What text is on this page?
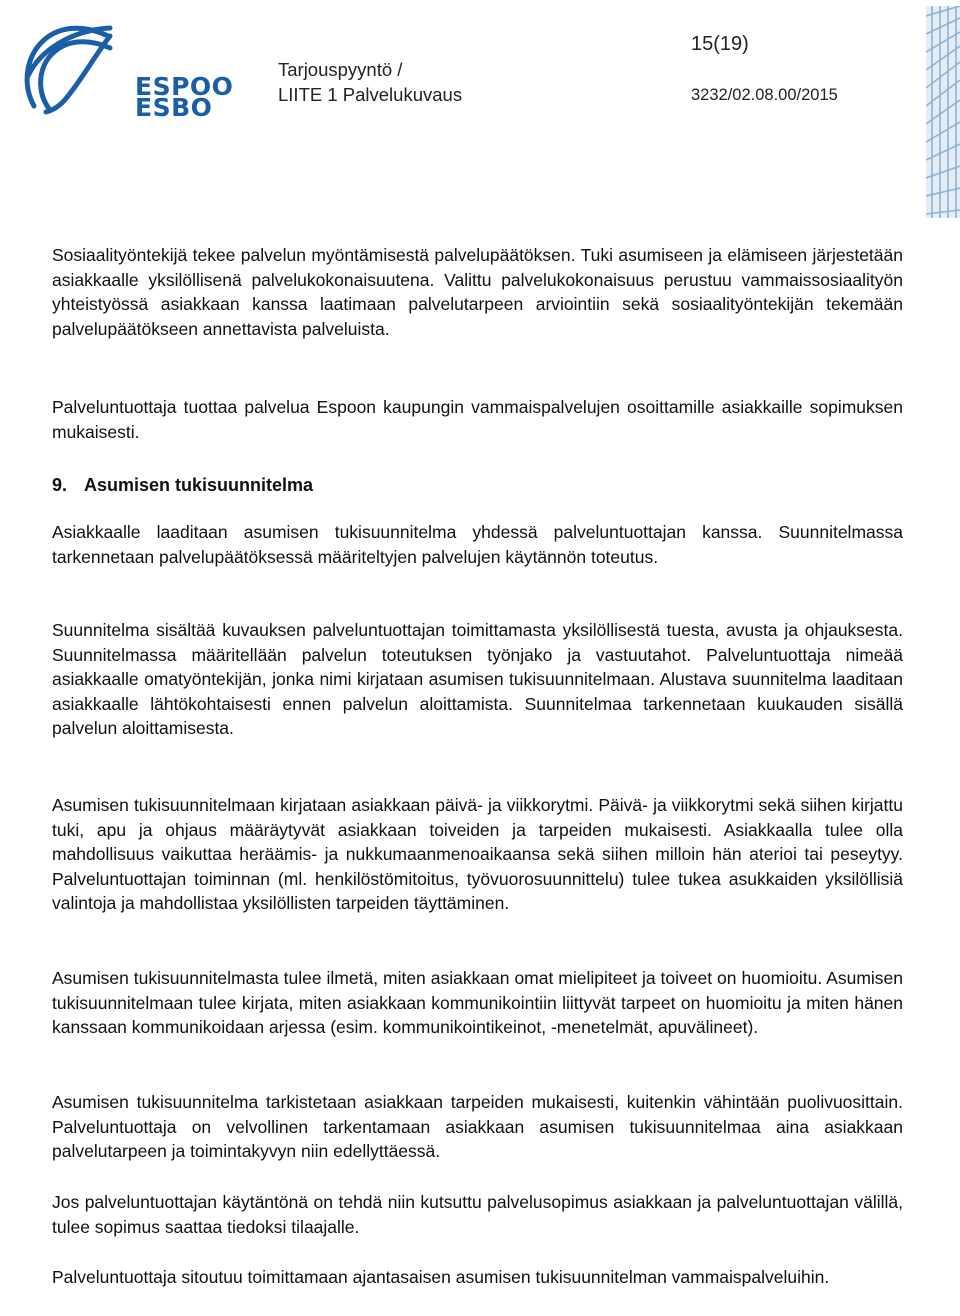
ESPOO
ESBO
Tarjouspyyntö /
LIITE 1 Palvelukuvaus
15(19)
3232/02.08.00/2015

Sosiaalityöntekijä tekee palvelun myöntämisestä palvelupäätöksen. Tuki asumiseen ja elämiseen järjestetään asiakkaalle yksilöllisenä palvelukokonaisuutena. Valittu palvelukokonaisuus perustuu vammaissosiaalityön yhteistyössä asiakkaan kanssa laatimaan palvelutarpeen arviointiin sekä sosiaalityöntekijän tekemään palvelupäätökseen annettavista palveluista.

Palveluntuottaja tuottaa palvelua Espoon kaupungin vammaispalvelujen osoittamille asiakkaille sopimuksen mukaisesti.

9. Asumisen tukisuunnitelma

Asiakkaalle laaditaan asumisen tukisuunnitelma yhdessä palveluntuottajan kanssa. Suunnitelmassa tarkennetaan palvelupäätöksessä määriteltyjen palvelujen käytännön toteutus.

Suunnitelma sisältää kuvauksen palveluntuottajan toimittamasta yksilöllisestä tuesta, avusta ja ohjauksesta. Suunnitelmassa määritellään palvelun toteutuksen työnjako ja vastuutahot. Palveluntuottaja nimeää asiakkaalle omatyöntekijän, jonka nimi kirjataan asumisen tukisuunnitelmaan. Alustava suunnitelma laaditaan asiakkaalle lähtökohtaisesti ennen palvelun aloittamista. Suunnitelmaa tarkennetaan kuukauden sisällä palvelun aloittamisesta.

Asumisen tukisuunnitelmaan kirjataan asiakkaan päivä- ja viikkorytmi. Päivä- ja viikkorytmi sekä siihen kirjattu tuki, apu ja ohjaus määräytyvät asiakkaan toiveiden ja tarpeiden mukaisesti. Asiakkaalla tulee olla mahdollisuus vaikuttaa heräämis- ja nukkumaanmenoaikaansa sekä siihen milloin hän aterioi tai peseytyy. Palveluntuottajan toiminnan (ml. henkilöstömitoitus, työvuorosuunnittelu) tulee tukea asukkaiden yksilöllisiä valintoja ja mahdollistaa yksilöllisten tarpeiden täyttäminen.

Asumisen tukisuunnitelmasta tulee ilmetä, miten asiakkaan omat mielipiteet ja toiveet on huomioitu. Asumisen tukisuunnitelmaan tulee kirjata, miten asiakkaan kommunikointiin liittyvät tarpeet on huomioitu ja miten hänen kanssaan kommunikoidaan arjessa (esim. kommunikointikeinot, -menetelmät, apuvälineet).

Asumisen tukisuunnitelma tarkistetaan asiakkaan tarpeiden mukaisesti, kuitenkin vähintään puolivuosittain. Palveluntuottaja on velvollinen tarkentamaan asiakkaan asumisen tukisuunnitelmaa aina asiakkaan palvelutarpeen ja toimintakyvyn niin edellyttäessä.

Jos palveluntuottajan käytäntönä on tehdä niin kutsuttu palvelusopimus asiakkaan ja palveluntuottajan välillä, tulee sopimus saattaa tiedoksi tilaajalle.

Palveluntuottaja sitoutuu toimittamaan ajantasaisen asumisen tukisuunnitelman vammaispalveluihin.
